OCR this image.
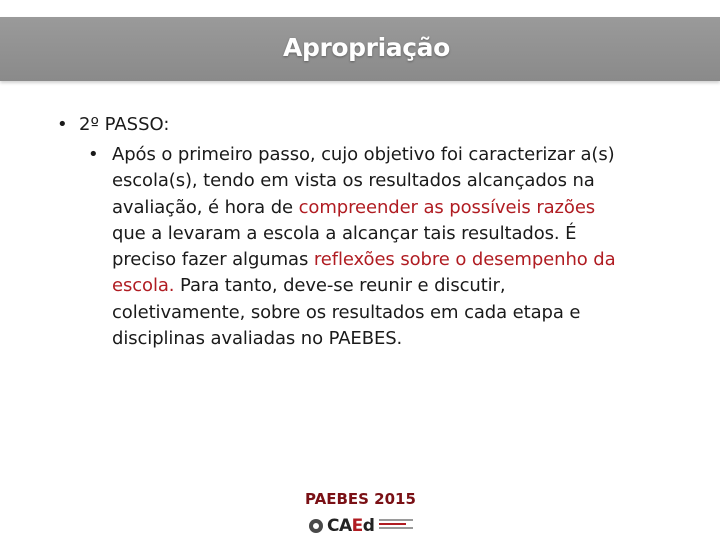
Apropriação
• 2º PASSO:
• Após o primeiro passo, cujo objetivo foi caracterizar a(s)
escola(s), tendo em vista os resultados alcançados na
avaliação, é hora de compreender as possíveis razões
que a levaram a escola a alcançar tais resultados. É
preciso fazer algumas reflexões sobre o desempenho da
escola. Para tanto, deve-se reunir e discutir,
coletivamente, sobre os resultados em cada etapa e
disciplinas avaliadas no PAEBES.
PAEBES 2015
CAEd
